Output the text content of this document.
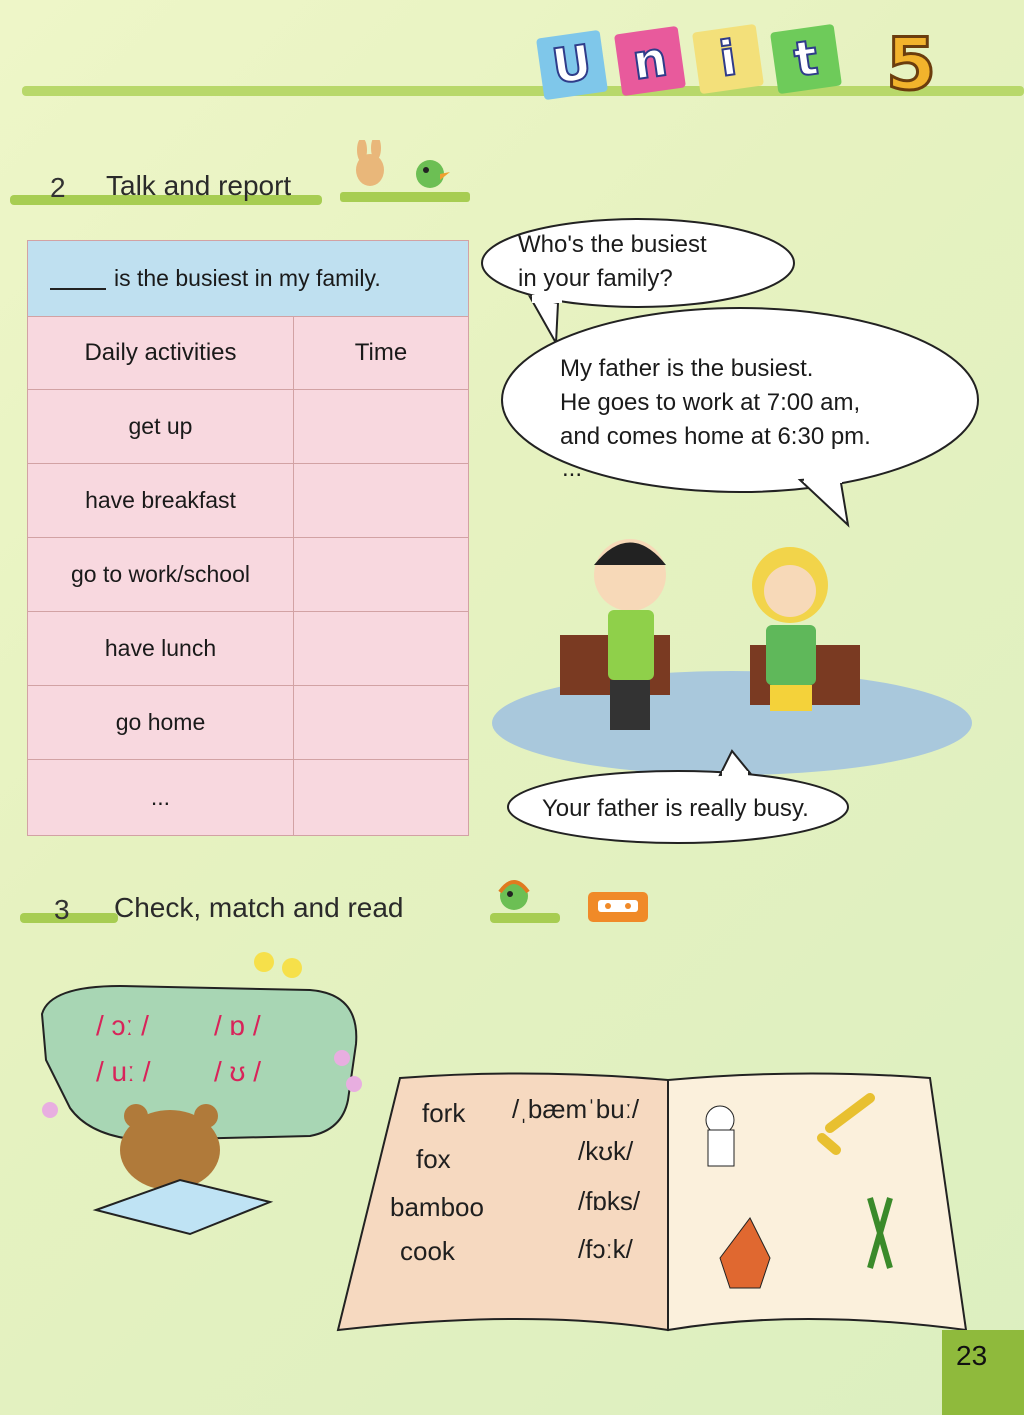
U n i	t 5
2 Talk and report
is the busiest in my family.
Daily activities	Time
get up
have breakfast
go to work/school
have lunch
go home
...
Who's the busiest
in your family?
My father is the busiest.
He goes to work at 7:00 am,
and comes home at 6:30 pm.
...
Your father is really busy.
3 Check, match and read
/ ɔː / / ɒ /
/ uː / / ʊ /
fork
fox
bamboo
cook
/ˌbæmˈbuː/
/kʊk/
/fɒks/
/fɔːk/
23
